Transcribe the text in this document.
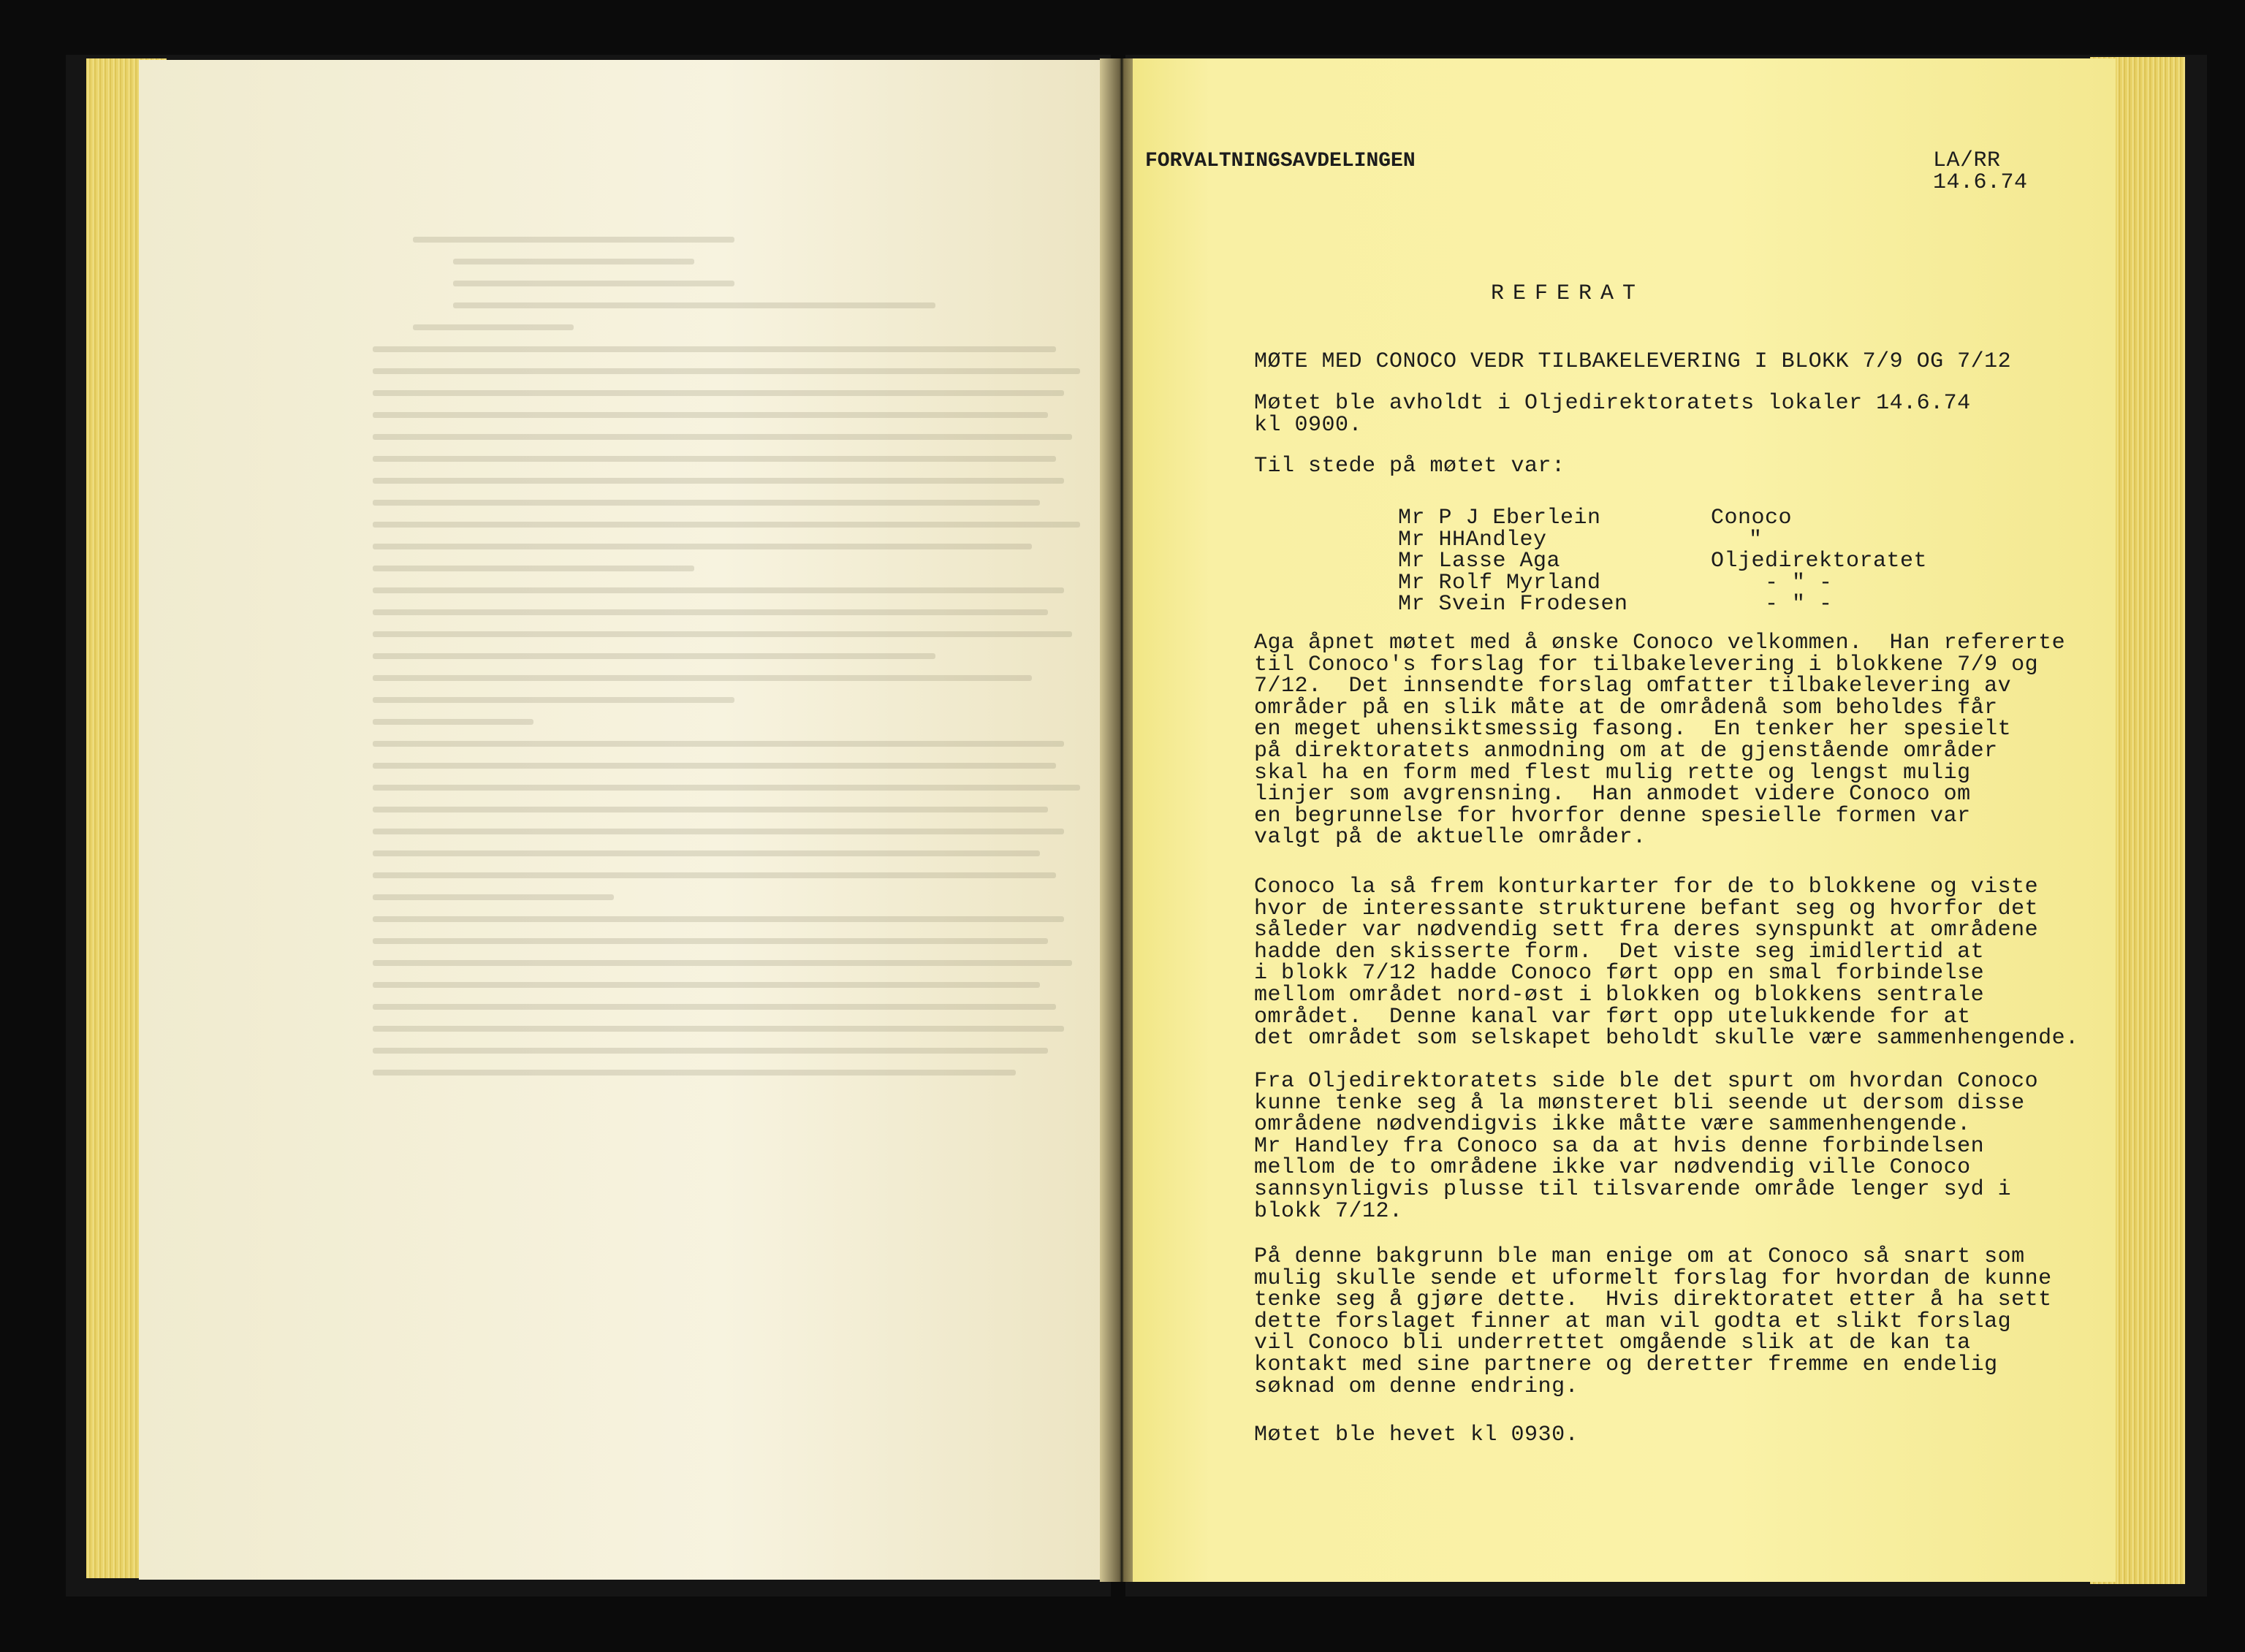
FORVALTNINGSAVDELINGEN	LA/RR
14.6.74
REFERAT
MØTE MED CONOCO VEDR TILBAKELEVERING I BLOKK 7/9 OG 7/12
Møtet ble avholdt i Oljedirektoratets lokaler 14.6.74
kl 0900.
Til stede på møtet var:
Mr P J Eberlein	Conoco
Mr HHAndley	"
Mr Lasse Aga	Oljedirektoratet
Mr Rolf Myrland	- " -
Mr Svein Frodesen	- " -
Aga åpnet møtet med å ønske Conoco velkommen.  Han refererte
til Conoco's forslag for tilbakelevering i blokkene 7/9 og
7/12.  Det innsendte forslag omfatter tilbakelevering av
områder på en slik måte at de områdenå som beholdes får
en meget uhensiktsmessig fasong.  En tenker her spesielt
på direktoratets anmodning om at de gjenstående områder
skal ha en form med flest mulig rette og lengst mulig
linjer som avgrensning.  Han anmodet videre Conoco om
en begrunnelse for hvorfor denne spesielle formen var
valgt på de aktuelle områder.
Conoco la så frem konturkarter for de to blokkene og viste
hvor de interessante strukturene befant seg og hvorfor det
såleder var nødvendig sett fra deres synspunkt at områdene
hadde den skisserte form.  Det viste seg imidlertid at
i blokk 7/12 hadde Conoco ført opp en smal forbindelse
mellom området nord-øst i blokken og blokkens sentrale
området.  Denne kanal var ført opp utelukkende for at
det området som selskapet beholdt skulle være sammenhengende.
Fra Oljedirektoratets side ble det spurt om hvordan Conoco
kunne tenke seg å la mønsteret bli seende ut dersom disse
områdene nødvendigvis ikke måtte være sammenhengende.
Mr Handley fra Conoco sa da at hvis denne forbindelsen
mellom de to områdene ikke var nødvendig ville Conoco
sannsynligvis plusse til tilsvarende område lenger syd i
blokk 7/12.
På denne bakgrunn ble man enige om at Conoco så snart som
mulig skulle sende et uformelt forslag for hvordan de kunne
tenke seg å gjøre dette.  Hvis direktoratet etter å ha sett
dette forslaget finner at man vil godta et slikt forslag
vil Conoco bli underrettet omgående slik at de kan ta
kontakt med sine partnere og deretter fremme en endelig
søknad om denne endring.
Møtet ble hevet kl 0930.
